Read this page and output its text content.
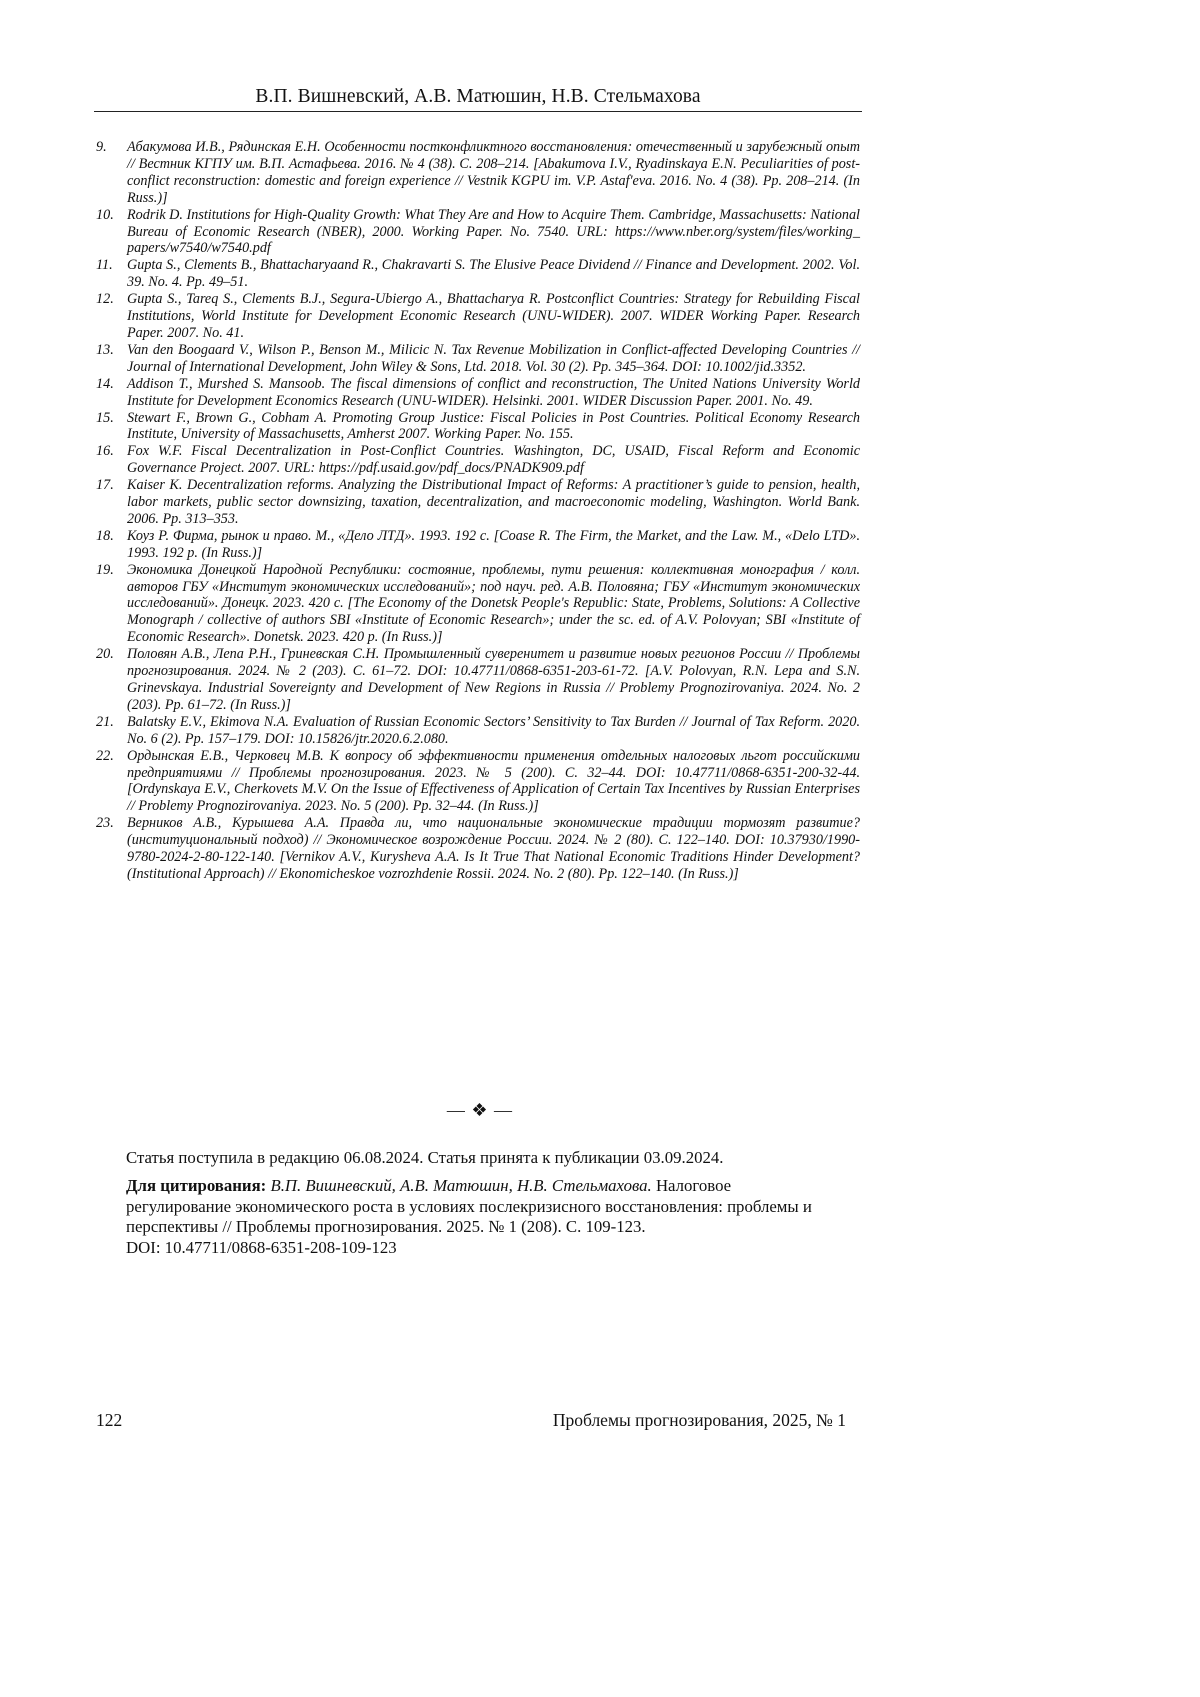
В.П. Вишневский, А.В. Матюшин, Н.В. Стельмахова
9. Абакумова И.В., Рядинская Е.Н. Особенности постконфликтного восстановления: отечественный и зарубежный опыт // Вестник КГПУ им. В.П. Астафьева. 2016. № 4 (38). С. 208–214. [Abakumova I.V., Ryadinskaya E.N. Peculiarities of post-conflict reconstruction: domestic and foreign experience // Vestnik KGPU im. V.P. Astaf'eva. 2016. No. 4 (38). Pp. 208–214. (In Russ.)]
10. Rodrik D. Institutions for High-Quality Growth: What They Are and How to Acquire Them. Cambridge, Massachusetts: National Bureau of Economic Research (NBER), 2000. Working Paper. No. 7540. URL: https://www.nber.org/system/files/working_ papers/w7540/w7540.pdf
11. Gupta S., Clements B., Bhattacharyaand R., Chakravarti S. The Elusive Peace Dividend // Finance and Development. 2002. Vol. 39. No. 4. Pp. 49–51.
12. Gupta S., Tareq S., Clements B.J., Segura-Ubiergo A., Bhattacharya R. Postconflict Countries: Strategy for Rebuilding Fiscal Institutions, World Institute for Development Economic Research (UNU-WIDER). 2007. WIDER Working Paper. Research Paper. 2007. No. 41.
13. Van den Boogaard V., Wilson P., Benson M., Milicic N. Tax Revenue Mobilization in Conflict-affected Developing Countries // Journal of International Development, John Wiley & Sons, Ltd. 2018. Vol. 30 (2). Pp. 345–364. DOI: 10.1002/jid.3352.
14. Addison T., Murshed S. Mansoob. The fiscal dimensions of conflict and reconstruction, The United Nations University World Institute for Development Economics Research (UNU-WIDER). Helsinki. 2001. WIDER Discussion Paper. 2001. No. 49.
15. Stewart F., Brown G., Cobham A. Promoting Group Justice: Fiscal Policies in Post Countries. Political Economy Research Institute, University of Massachusetts, Amherst 2007. Working Paper. No. 155.
16. Fox W.F. Fiscal Decentralization in Post-Conflict Countries. Washington, DC, USAID, Fiscal Reform and Economic Governance Project. 2007. URL: https://pdf.usaid.gov/pdf_docs/PNADK909.pdf
17. Kaiser K. Decentralization reforms. Analyzing the Distributional Impact of Reforms: A practitioner’s guide to pension, health, labor markets, public sector downsizing, taxation, decentralization, and macroeconomic modeling, Washington. World Bank. 2006. Pp. 313–353.
18. Коуз Р. Фирма, рынок и право. М., «Дело ЛТД». 1993. 192 с. [Coase R. The Firm, the Market, and the Law. M., «Delo LTD». 1993. 192 p. (In Russ.)]
19. Экономика Донецкой Народной Республики: состояние, проблемы, пути решения: коллективная монография / колл. авторов ГБУ «Институт экономических исследований»; под науч. ред. А.В. Половяна; ГБУ «Институт экономических исследований». Донецк. 2023. 420 с. [The Economy of the Donetsk People's Republic: State, Problems, Solutions: A Collective Monograph / collective of authors SBI «Institute of Economic Research»; under the sc. ed. of A.V. Polovyan; SBI «Institute of Economic Research». Donetsk. 2023. 420 p. (In Russ.)]
20. Половян А.В., Лепа Р.Н., Гриневская С.Н. Промышленный суверенитет и развитие новых регионов России // Проблемы прогнозирования. 2024. № 2 (203). С. 61–72. DOI: 10.47711/0868-6351-203-61-72. [A.V. Polovyan, R.N. Lepa and S.N. Grinevskaya. Industrial Sovereignty and Development of New Regions in Russia // Problemy Prognozirovaniya. 2024. No. 2 (203). Pp. 61–72. (In Russ.)]
21. Balatsky E.V., Ekimova N.A. Evaluation of Russian Economic Sectors’ Sensitivity to Tax Burden // Journal of Tax Reform. 2020. No. 6 (2). Pp. 157–179. DOI: 10.15826/jtr.2020.6.2.080.
22. Ордынская Е.В., Черковец М.В. К вопросу об эффективности применения отдельных налоговых льгот российскими предприятиями // Проблемы прогнозирования. 2023. № 5 (200). С. 32–44. DOI: 10.47711/0868-6351-200-32-44. [Ordynskaya E.V., Cherkovets M.V. On the Issue of Effectiveness of Application of Certain Tax Incentives by Russian Enterprises // Problemy Prognozirovaniya. 2023. No. 5 (200). Pp. 32–44. (In Russ.)]
23. Верников А.В., Курышева А.А. Правда ли, что национальные экономические традиции тормозят развитие? (институциональный подход) // Экономическое возрождение России. 2024. № 2 (80). С. 122–140. DOI: 10.37930/1990-9780-2024-2-80-122-140. [Vernikov A.V., Kurysheva A.A. Is It True That National Economic Traditions Hinder Development? (Institutional Approach) // Ekonomicheskoe vozrozhdenie Rossii. 2024. No. 2 (80). Pp. 122–140. (In Russ.)]
— ❖ —
Статья поступила в редакцию 06.08.2024. Статья принята к публикации 03.09.2024.
Для цитирования: В.П. Вишневский, А.В. Матюшин, Н.В. Стельмахова. Налоговое регулирование экономического роста в условиях послекризисного восстановления: проблемы и перспективы // Проблемы прогнозирования. 2025. № 1 (208). С. 109-123.
DOI: 10.47711/0868-6351-208-109-123
122	Проблемы прогнозирования, 2025, № 1
